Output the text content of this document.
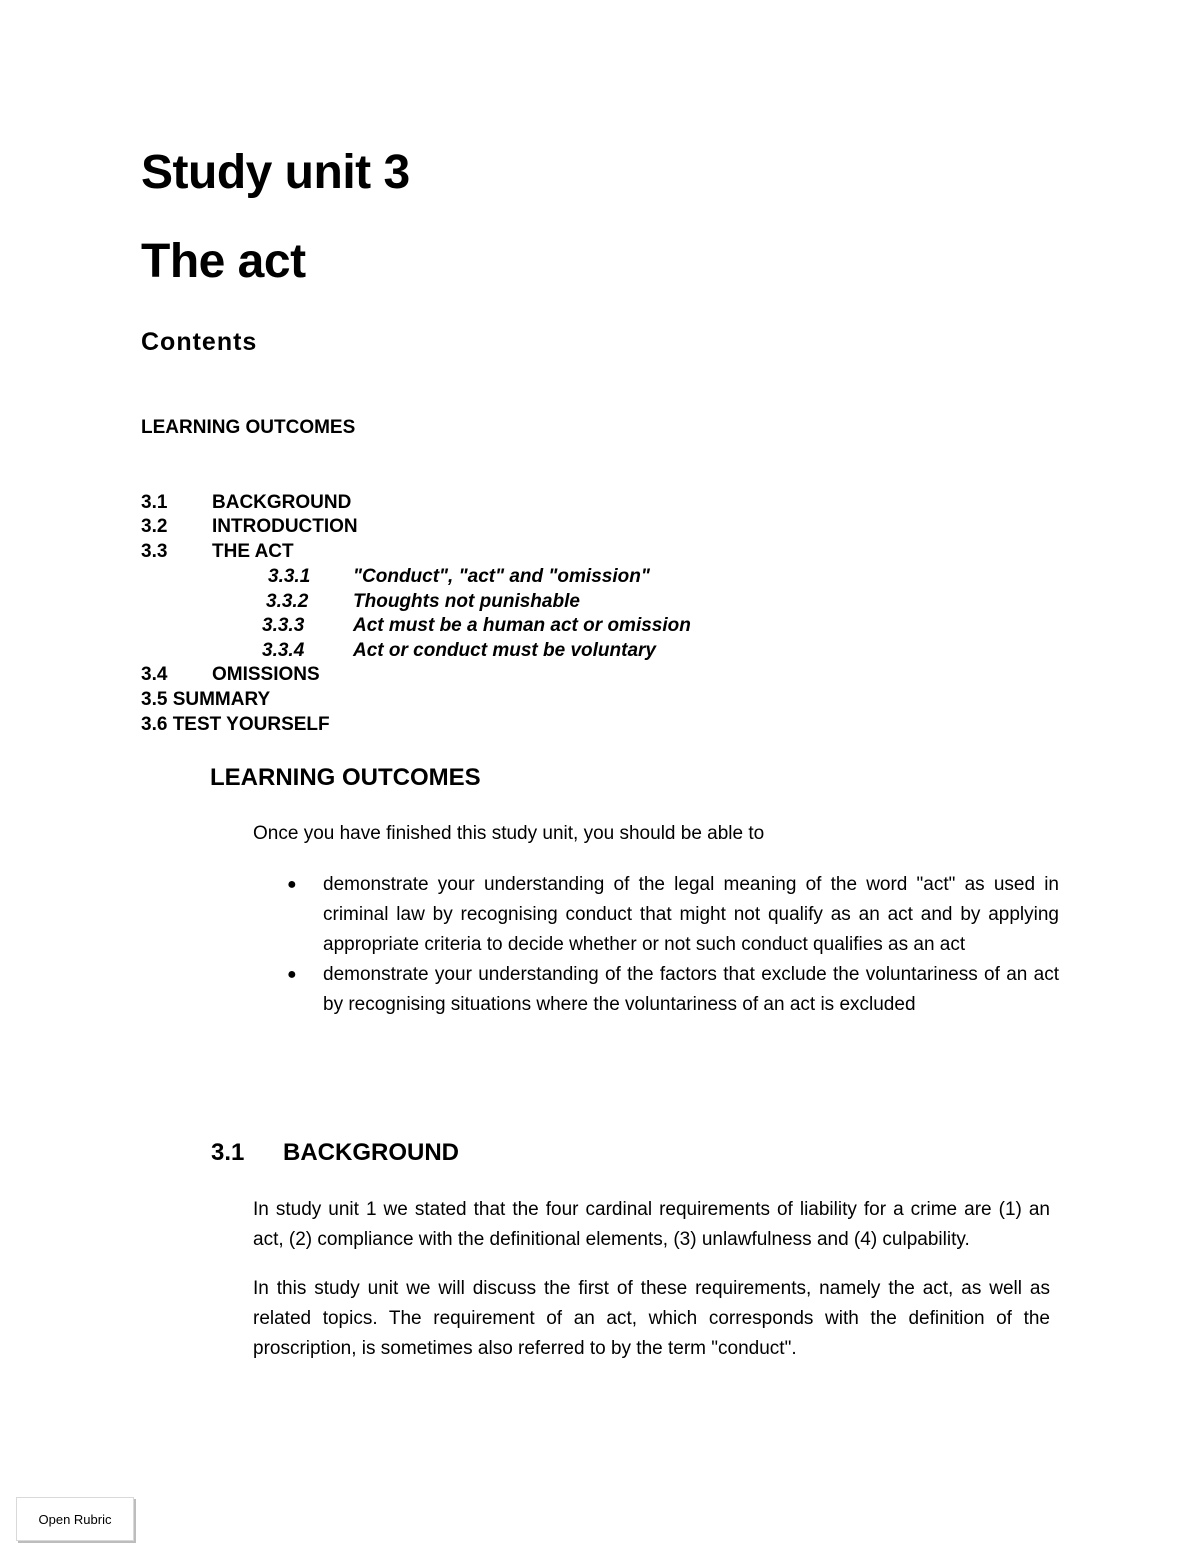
Study unit 3
The act
Contents
LEARNING OUTCOMES
3.1 BACKGROUND
3.2 INTRODUCTION
3.3 THE ACT
3.3.1 "Conduct", "act" and "omission"
3.3.2 Thoughts not punishable
3.3.3	Act must be a human act or omission
3.3.4	Act or conduct must be voluntary
3.4 OMISSIONS
3.5 SUMMARY
3.6 TEST YOURSELF
LEARNING OUTCOMES
Once you have finished this study unit, you should be able to
● demonstrate your understanding of the legal meaning of the word "act" as used in criminal law by recognising conduct that might not qualify as an act and by applying appropriate criteria to decide whether or not such conduct qualifies as an act
● demonstrate your understanding of the factors that exclude the voluntariness of an act by recognising situations where the voluntariness of an act is excluded
3.1 BACKGROUND

In study unit 1 we stated that the four cardinal requirements of liability for a crime are (1) an act, (2) compliance with the definitional elements, (3) unlawfulness and (4) culpability.

In this study unit we will discuss the first of these requirements, namely the act, as well as related topics. The requirement of an act, which corresponds with the definition of the proscription, is sometimes also referred to by the term "conduct".

Open Rubric
